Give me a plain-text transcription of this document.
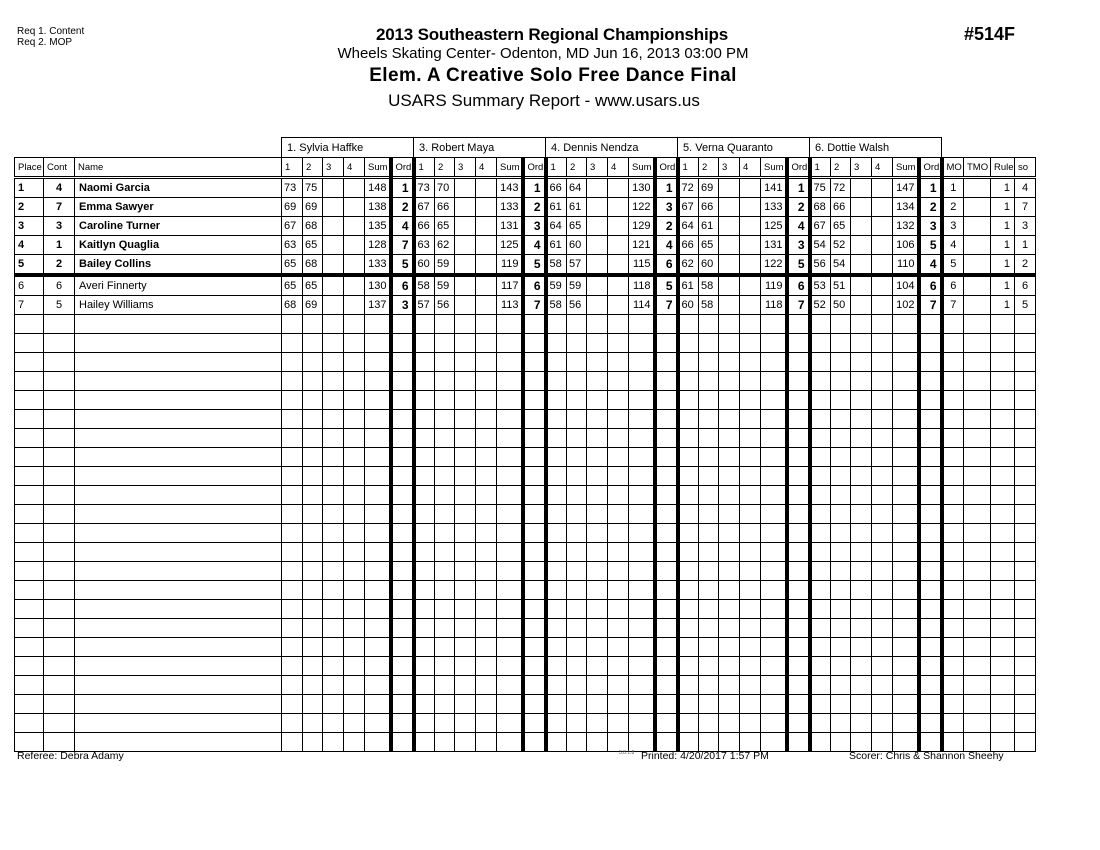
Req 1. Content
Req 2. MOP	2013 Southeastern Regional Championships
Wheels Skating Center- Odenton, MD Jun 16, 2013 03:00 PM
Elem. A Creative Solo Free Dance Final
USARS Summary Report - www.usars.us
#514F
			1. Sylvia Haffke						3. Robert Maya						4. Dennis Nendza						5. Verna Quaranto						6. Dottie Walsh									
Place	Cont	Name	1	2	3	4	Sum	Ord	1	2	3	4	Sum	Ord	1	2	3	4	Sum	Ord	1	2	3	4	Sum	Ord	1	2	3	4	Sum	Ord	MO	TMO	Rule	so
1	4	Naomi Garcia	73	75			148	1	73	70			143	1	66	64			130	1	72	69			141	1	75	72			147	1	1		1	4
2	7	Emma Sawyer	69	69			138	2	67	66			133	2	61	61			122	3	67	66			133	2	68	66			134	2	2		1	7
3	3	Caroline Turner	67	68			135	4	66	65			131	3	64	65			129	2	64	61			125	4	67	65			132	3	3		1	3
4	1	Kaitlyn Quaglia	63	65			128	7	63	62			125	4	61	60			121	4	66	65			131	3	54	52			106	5	4		1	1
5	2	Bailey Collins	65	68			133	5	60	59			119	5	58	57			115	6	62	60			122	5	56	54			110	4	5		1	2
6	6	Averi Finnerty	65	65			130	6	58	59			117	6	59	59			118	5	61	58			119	6	53	51			104	6	6		1	6
7	5	Hailey Williams	68	69			137	3	57	56			113	7	58	56			114	7	60	58			118	7	52	50			102	7	7		1	5

Referee: Debra Adamy	3.8.1.8 Printed: 4/20/2017 1:57 PM	Scorer: Chris & Shannon Sheehy
